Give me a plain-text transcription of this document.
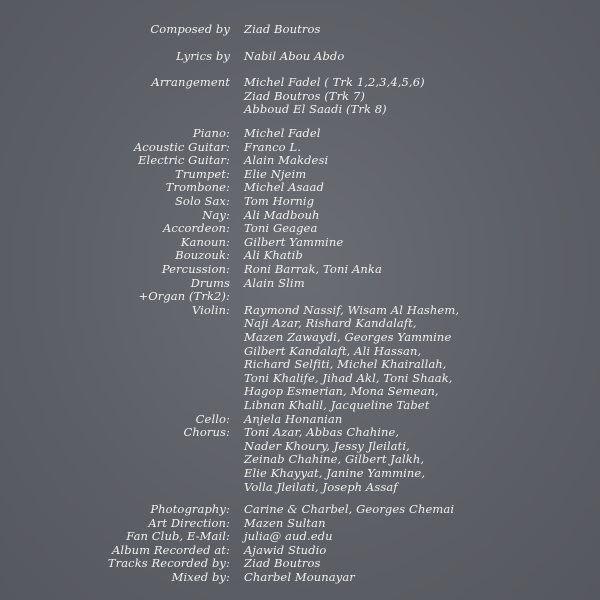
Composed by	Ziad Boutros
Lyrics by	Nabil Abou Abdo
Arrangement	Michel Fadel ( Trk 1,2,3,4,5,6)
Ziad Boutros (Trk 7)
Abboud El Saadi (Trk 8)
Piano:	Michel Fadel
Acoustic Guitar:	Franco L.
Electric Guitar:	Alain Makdesi
Trumpet:	Elie Njeim
Trombone:	Michel Asaad
Solo Sax:	Tom Hornig
Nay:	Ali Madbouh
Accordeon:	Toni Geagea
Kanoun:	Gilbert Yammine
Bouzouk:	Ali Khatib
Percussion:	Roni Barrak, Toni Anka
Drums	Alain Slim
+Organ (Trk2):
Violin:	Raymond Nassif, Wisam Al Hashem,
Naji Azar, Rishard Kandalaft,
Mazen Zawaydi, Georges Yammine
Gilbert Kandalaft, Ali Hassan,
Richard Selfiti, Michel Khairallah,
Toni Khalife, Jihad Akl, Toni Shaak,
Hagop Esmerian, Mona Semean,
Libnan Khalil, Jacqueline Tabet
Cello:	Anjela Honanian
Chorus:	Toni Azar, Abbas Chahine,
Nader Khoury, Jessy Jleilati,
Zeinab Chahine, Gilbert Jalkh,
Elie Khayyat, Janine Yammine,
Volla Jleilati, Joseph Assaf
Photography:	Carine & Charbel, Georges Chemai
Art Direction:	Mazen Sultan
Fan Club, E-Mail:	julia@ aud.edu
Album Recorded at:	Ajawid Studio
Tracks Recorded by:	Ziad Boutros
Mixed by:	Charbel Mounayar
